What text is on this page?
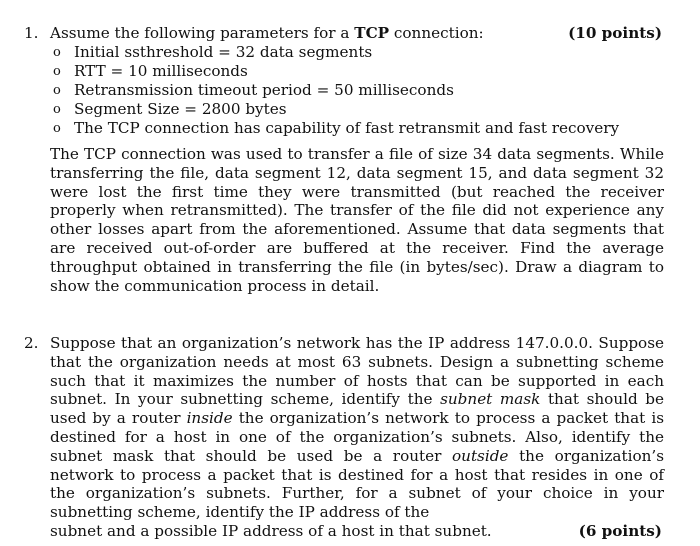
1. Assume the following parameters for a TCP connection:	(10 points)
o Initial ssthreshold = 32 data segments
o RTT = 10 milliseconds
o Retransmission timeout period = 50 milliseconds
o Segment Size = 2800 bytes
o The TCP connection has capability of fast retransmit and fast recovery

The TCP connection was used to transfer a file of size 34 data segments. While transferring the file, data segment 12, data segment 15, and data segment 32 were lost the first time they were transmitted (but reached the receiver properly when retransmitted). The transfer of the file did not experience any other losses apart from the aforementioned. Assume that data segments that are received out-of-order are buffered at the receiver. Find the average throughput obtained in transferring the file (in bytes/sec). Draw a diagram to show the communication process in detail.

2. Suppose that an organization’s network has the IP address 147.0.0.0. Suppose that the organization needs at most 63 subnets. Design a subnetting scheme such that it maximizes the number of hosts that can be supported in each subnet. In your subnetting scheme, identify the subnet mask that should be used by a router inside the organization’s network to process a packet that is destined for a host in one of the organization’s subnets. Also, identify the subnet mask that should be used be a router outside the organization’s network to process a packet that is destined for a host that resides in one of the organization’s subnets. Further, for a subnet of your choice in your subnetting scheme, identify the IP address of the
subnet and a possible IP address of a host in that subnet.	(6 points)
